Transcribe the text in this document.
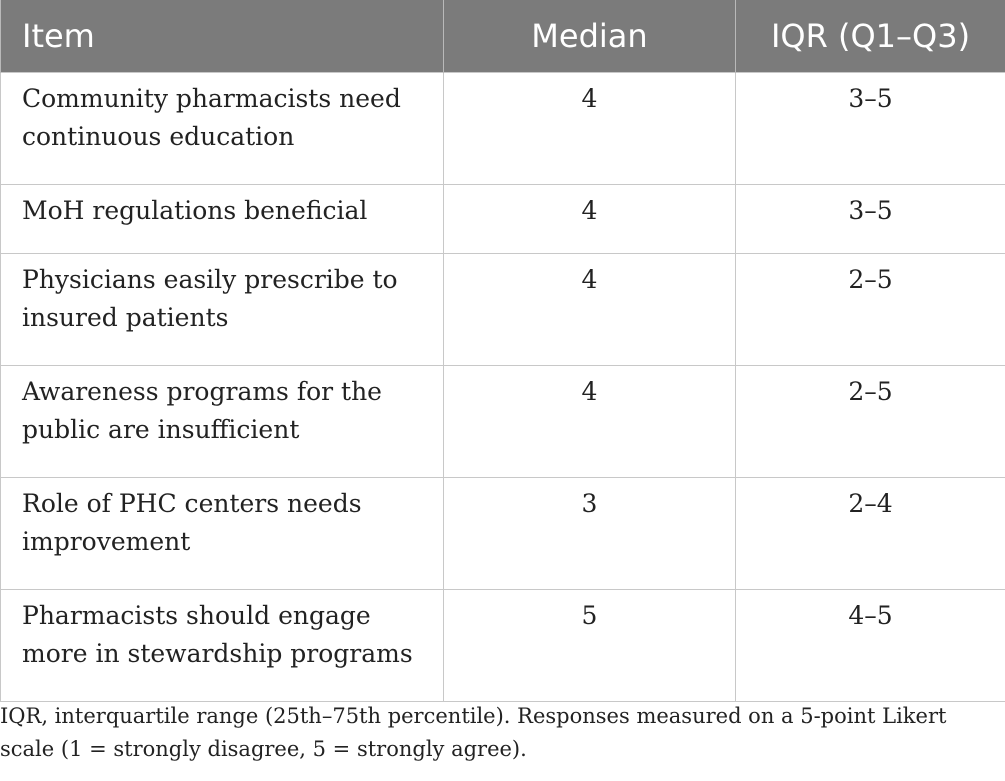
Item	Median	IQR (Q1–Q3)
Community pharmacists need continuous education	4	3–5
MoH regulations beneficial	4	3–5
Physicians easily prescribe to insured patients	4	2–5
Awareness programs for the public are insufficient	4	2–5
Role of PHC centers needs improvement	3	2–4
Pharmacists should engage more in stewardship programs	5	4–5

IQR, interquartile range (25th–75th percentile). Responses measured on a 5-point Likert scale (1 = strongly disagree, 5 = strongly agree).
